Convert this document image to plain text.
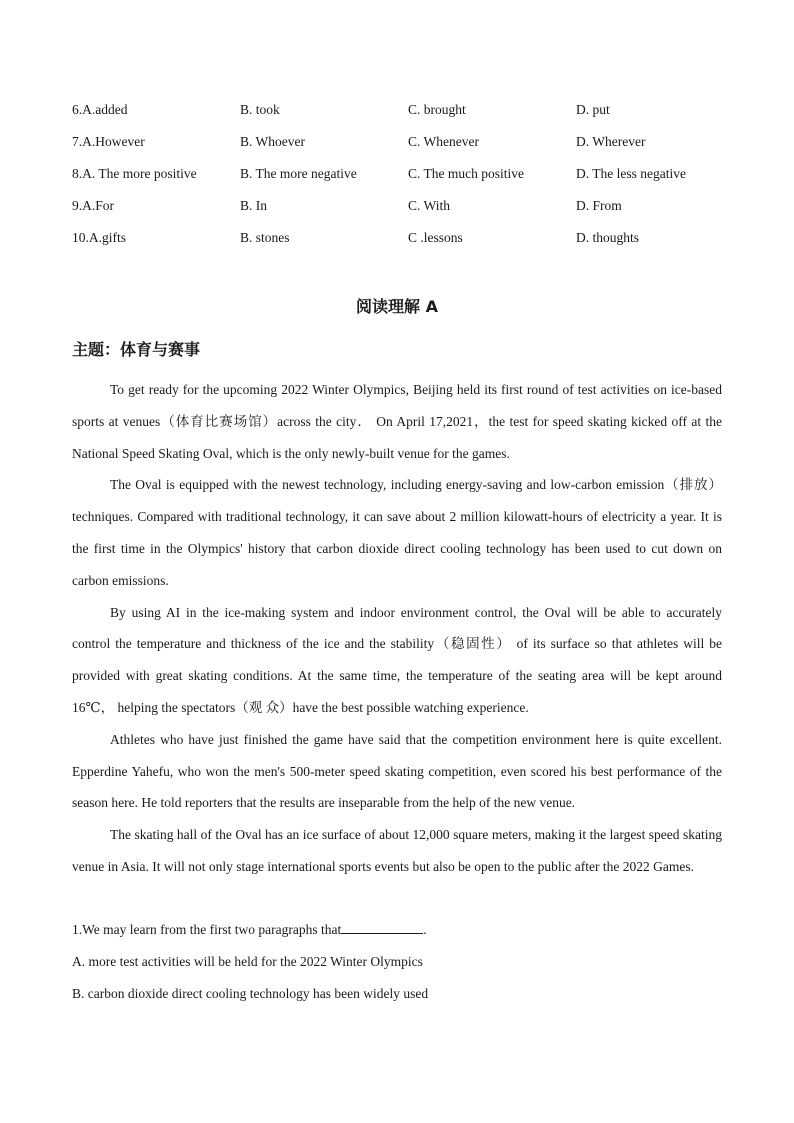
6.A.added	B. took	C. brought	D. put
7.A.However	B. Whoever	C. Whenever	D. Wherever
8.A. The more positive	B. The more negative	C. The much positive	D. The less negative
9.A.For	B. In	C. With	D. From
10.A.gifts	B. stones	C .lessons	D. thoughts
阅读理解 A
主题：体育与赛事

To get ready for the upcoming 2022 Winter Olympics, Beijing held its first round of test activities on ice-based sports at venues（体育比赛场馆）across the city． On April 17,2021，the test for speed skating kicked off at the National Speed Skating Oval, which is the only newly-built venue for the games.

The Oval is equipped with the newest technology, including energy-saving and low-carbon emission（排放）techniques. Compared with traditional technology, it can save about 2 million kilowatt-hours of electricity a year. It is the first time in the Olympics' history that carbon dioxide direct cooling technology has been used to cut down on carbon emissions.

By using AI in the ice-making system and indoor environment control, the Oval will be able to accurately control the temperature and thickness of the ice and the stability（稳固性） of its surface so that athletes will be provided with great skating conditions. At the same time, the temperature of the seating area will be kept around 16℃， helping the spectators（观 众）have the best possible watching experience.

Athletes who have just finished the game have said that the competition environment here is quite excellent. Epperdine Yahefu, who won the men's 500-meter speed skating competition, even scored his best performance of the season here. He told reporters that the results are inseparable from the help of the new venue.

The skating hall of the Oval has an ice surface of about 12,000 square meters, making it the largest speed skating venue in Asia. It will not only stage international sports events but also be open to the public after the 2022 Games.

1.We may learn from the first two paragraphs that	.
A. more test activities will be held for the 2022 Winter Olympics
B. carbon dioxide direct cooling technology has been widely used
